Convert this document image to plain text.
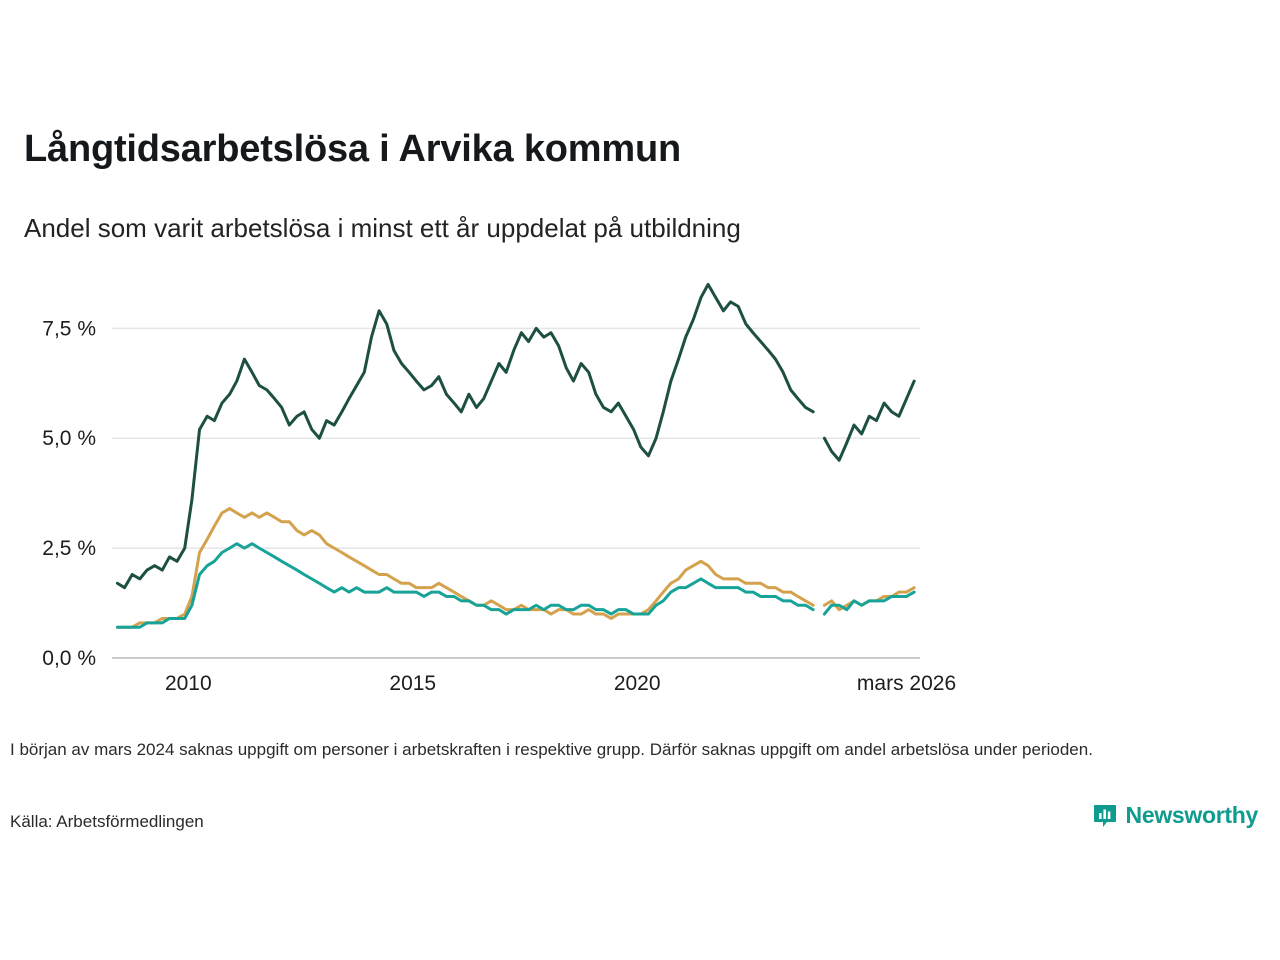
Långtidsarbetslösa i Arvika kommun
Andel som varit arbetslösa i minst ett år uppdelat på utbildning
0,0 %
2,5 %
5,0 %
7,5 %
2010	2015	2020	mars 2026
I början av mars 2024 saknas uppgift om personer i arbetskraften i respektive grupp. Därför saknas uppgift om andel arbetslösa under perioden.
Källa: Arbetsförmedlingen	Newsworthy
